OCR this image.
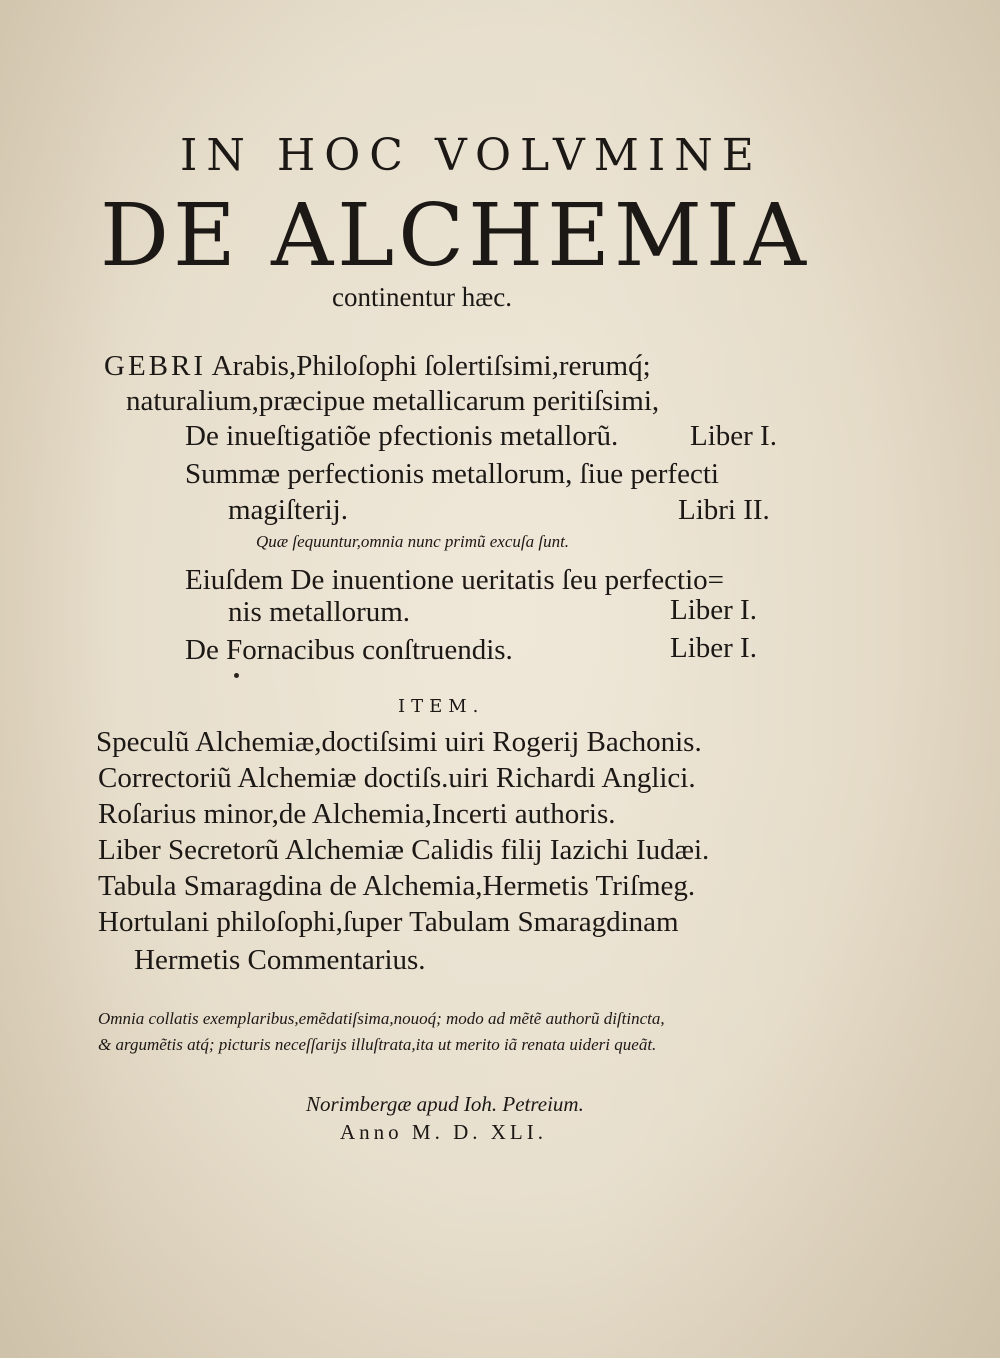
IN HOC VOLVMINE
DE ALCHEMIA
continentur hæc.
GEBRI Arabis,Philoſophi ſolertiſsimi,rerumq́;
naturalium,præcipue metallicarum peritiſsimi,
De inueſtigatiõe pfectionis metallorũ. Liber I.
Summæ perfectionis metallorum, ſiue perfecti
magiſterij.	Libri II.
Quæ ſequuntur,omnia nunc primũ excuſa ſunt.
Eiuſdem De inuentione ueritatis ſeu perfectio=
nis metallorum.	Liber I.
De Fornacibus conſtruendis.	Liber I.
ITEM.
Speculũ Alchemiæ,doctiſsimi uiri Rogerij Bachonis.
Correctoriũ Alchemiæ doctiſs.uiri Richardi Anglici.
Roſarius minor,de Alchemia,Incerti authoris.
Liber Secretorũ Alchemiæ Calidis filij Iazichi Iudæi.
Tabula Smaragdina de Alchemia,Hermetis Triſmeg.
Hortulani philoſophi,ſuper Tabulam Smaragdinam
Hermetis Commentarius.
Omnia collatis exemplaribus,emẽdatiſsima,nouoq́; modo ad mẽtẽ authorũ diſtincta,
& argumẽtis atq́; picturis neceſſarijs illuſtrata,ita ut merito iã renata uideri queãt.
Norimbergæ apud Ioh. Petreium.
Anno M. D. XLI.
